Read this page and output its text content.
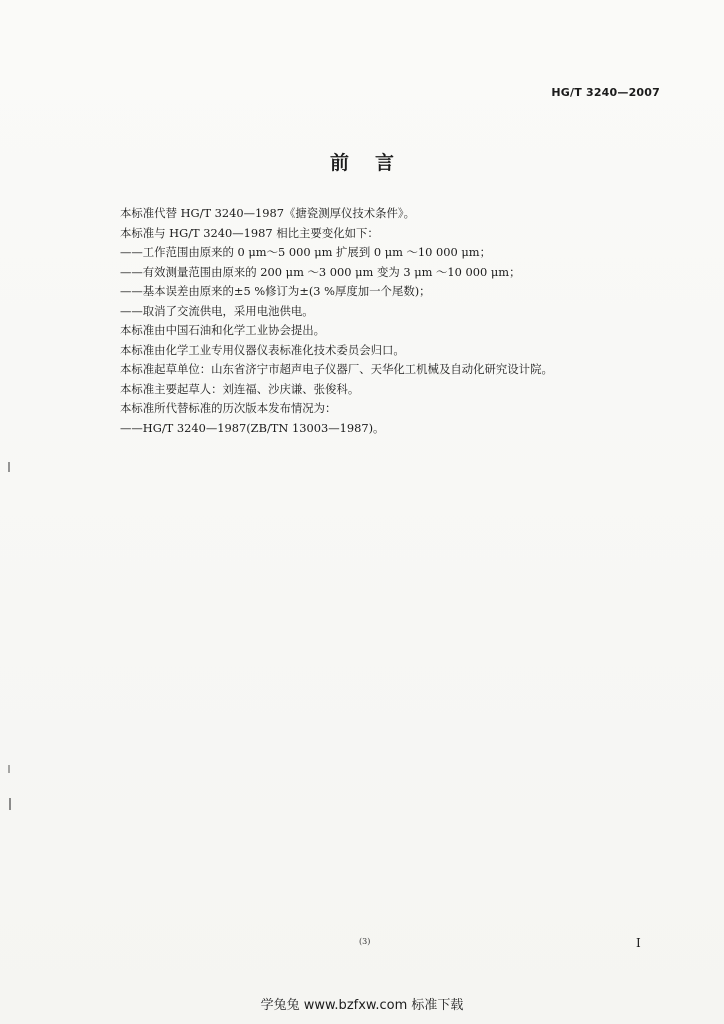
HG/T 3240—2007
前 言
本标准代替 HG/T 3240—1987《搪瓷测厚仪技术条件》。
本标准与 HG/T 3240—1987 相比主要变化如下：
——工作范围由原来的 0 μm～5 000 μm 扩展到 0 μm ～10 000 μm；
——有效测量范围由原来的 200 μm ～3 000 μm 变为 3 μm ～10 000 μm；
——基本误差由原来的±5 %修订为±(3 %厚度加一个尾数)；
——取消了交流供电，采用电池供电。
本标准由中国石油和化学工业协会提出。
本标准由化学工业专用仪器仪表标准化技术委员会归口。
本标准起草单位：山东省济宁市超声电子仪器厂、天华化工机械及自动化研究设计院。
本标准主要起草人：刘连福、沙庆谦、张俊科。
本标准所代替标准的历次版本发布情况为：
——HG/T 3240—1987(ZB/TN 13003—1987)。
(3)	I
学兔兔 www.bzfxw.com 标准下载
